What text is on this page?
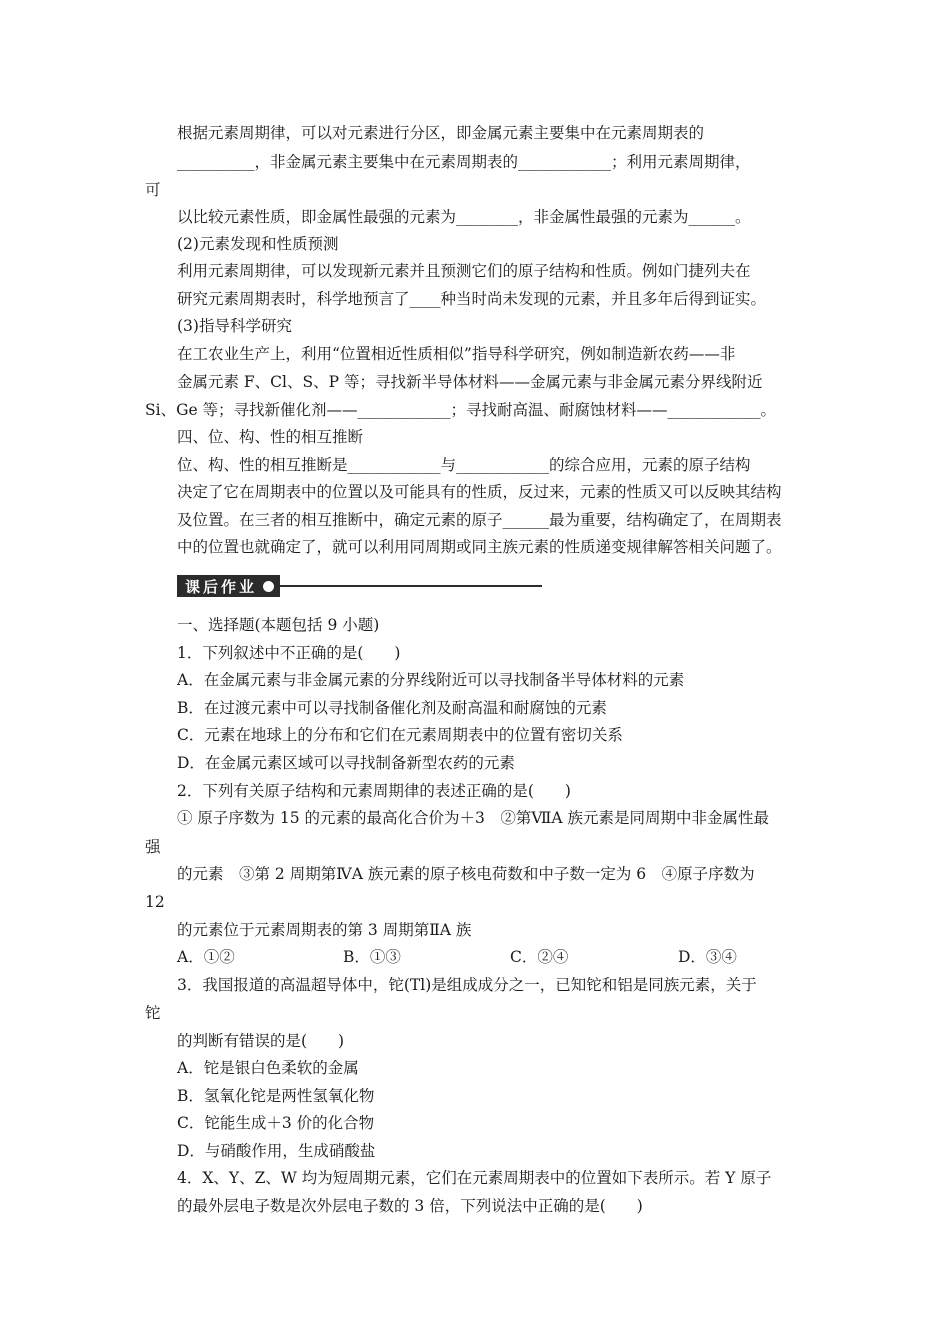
根据元素周期律，可以对元素进行分区，即金属元素主要集中在元素周期表的
__________，非金属元素主要集中在元素周期表的____________；利用元素周期律，
可
以比较元素性质，即金属性最强的元素为________，非金属性最强的元素为______。
(2)元素发现和性质预测
利用元素周期律，可以发现新元素并且预测它们的原子结构和性质。例如门捷列夫在
研究元素周期表时，科学地预言了____种当时尚未发现的元素，并且多年后得到证实。
(3)指导科学研究
在工农业生产上，利用“位置相近性质相似”指导科学研究，例如制造新农药——非
金属元素 F、Cl、S、P 等；寻找新半导体材料——金属元素与非金属元素分界线附近
Si、Ge 等；寻找新催化剂——____________；寻找耐高温、耐腐蚀材料——____________。
四、位、构、性的相互推断
位、构、性的相互推断是____________与____________的综合应用，元素的原子结构
决定了它在周期表中的位置以及可能具有的性质，反过来，元素的性质又可以反映其结构
及位置。在三者的相互推断中，确定元素的原子______最为重要，结构确定了，在周期表
中的位置也就确定了，就可以利用同周期或同主族元素的性质递变规律解答相关问题了。
课后作业
一、选择题(本题包括 9 小题)
1．下列叙述中不正确的是(　　)
A．在金属元素与非金属元素的分界线附近可以寻找制备半导体材料的元素
B．在过渡元素中可以寻找制备催化剂及耐高温和耐腐蚀的元素
C．元素在地球上的分布和它们在元素周期表中的位置有密切关系
D．在金属元素区域可以寻找制备新型农药的元素
2．下列有关原子结构和元素周期律的表述正确的是(　　)
① 原子序数为 15 的元素的最高化合价为＋3　②第ⅦA 族元素是同周期中非金属性最
强
的元素　③第 2 周期第ⅣA 族元素的原子核电荷数和中子数一定为 6　④原子序数为
12
的元素位于元素周期表的第 3 周期第ⅡA 族
A．①②	B．①③	C．②④	D．③④
3．我国报道的高温超导体中，铊(Tl)是组成成分之一，已知铊和铝是同族元素，关于
铊
的判断有错误的是(　　)
A．铊是银白色柔软的金属
B．氢氧化铊是两性氢氧化物
C．铊能生成＋3 价的化合物
D．与硝酸作用，生成硝酸盐
4．X、Y、Z、W 均为短周期元素，它们在元素周期表中的位置如下表所示。若 Y 原子
的最外层电子数是次外层电子数的 3 倍，下列说法中正确的是(　　)
